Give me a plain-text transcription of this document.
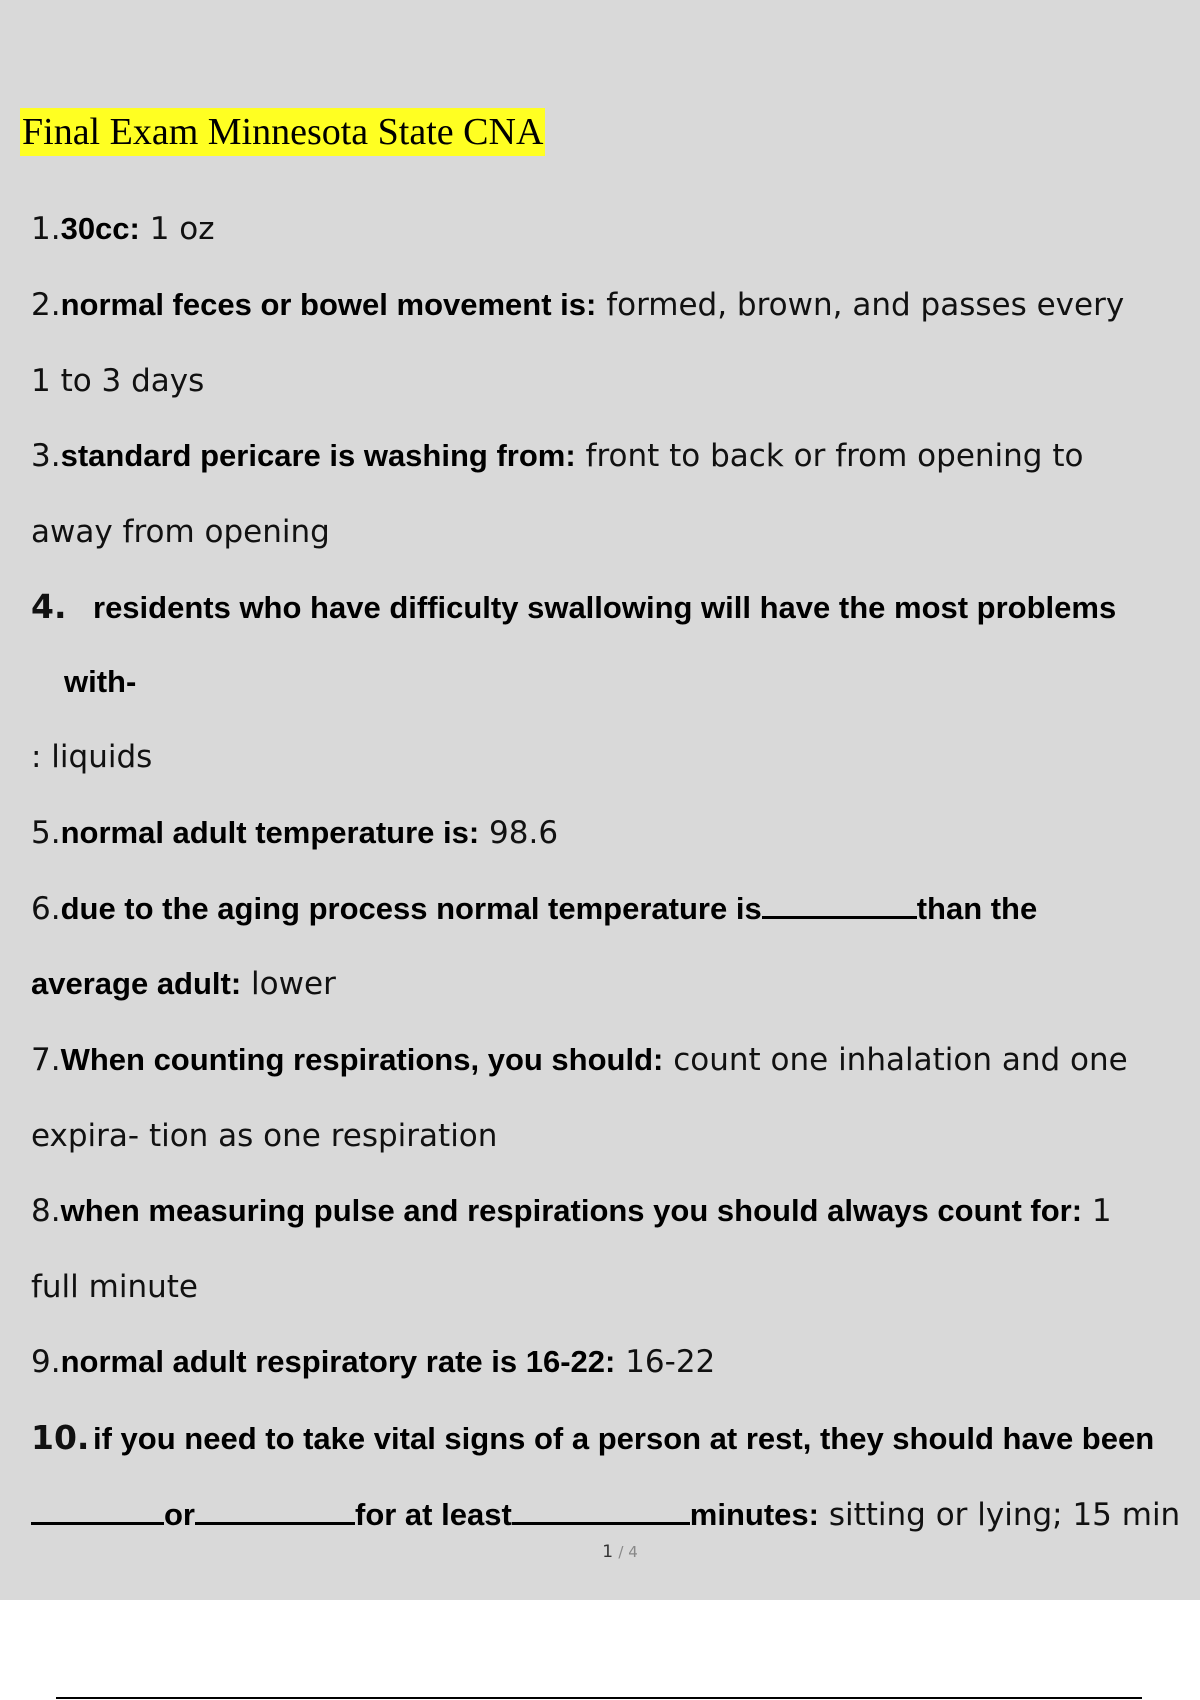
Final Exam Minnesota State CNA
1.30cc: 1 oz
2.normal feces or bowel movement is: formed, brown, and passes every
1 to 3 days
3.standard pericare is washing from: front to back or from opening to
away from opening
4. residents who have difficulty swallowing will have the most problems
with-
: liquids
5.normal adult temperature is: 98.6
6.due to the aging process normal temperature is	than the
average adult: lower
7.When counting respirations, you should: count one inhalation and one
expira- tion as one respiration
8.when measuring pulse and respirations you should always count for: 1
full minute
9.normal adult respiratory rate is 16-22: 16-22
10. if you need to take vital signs of a person at rest, they should have been
or	for at least	minutes: sitting or lying; 15 min
1 / 4
